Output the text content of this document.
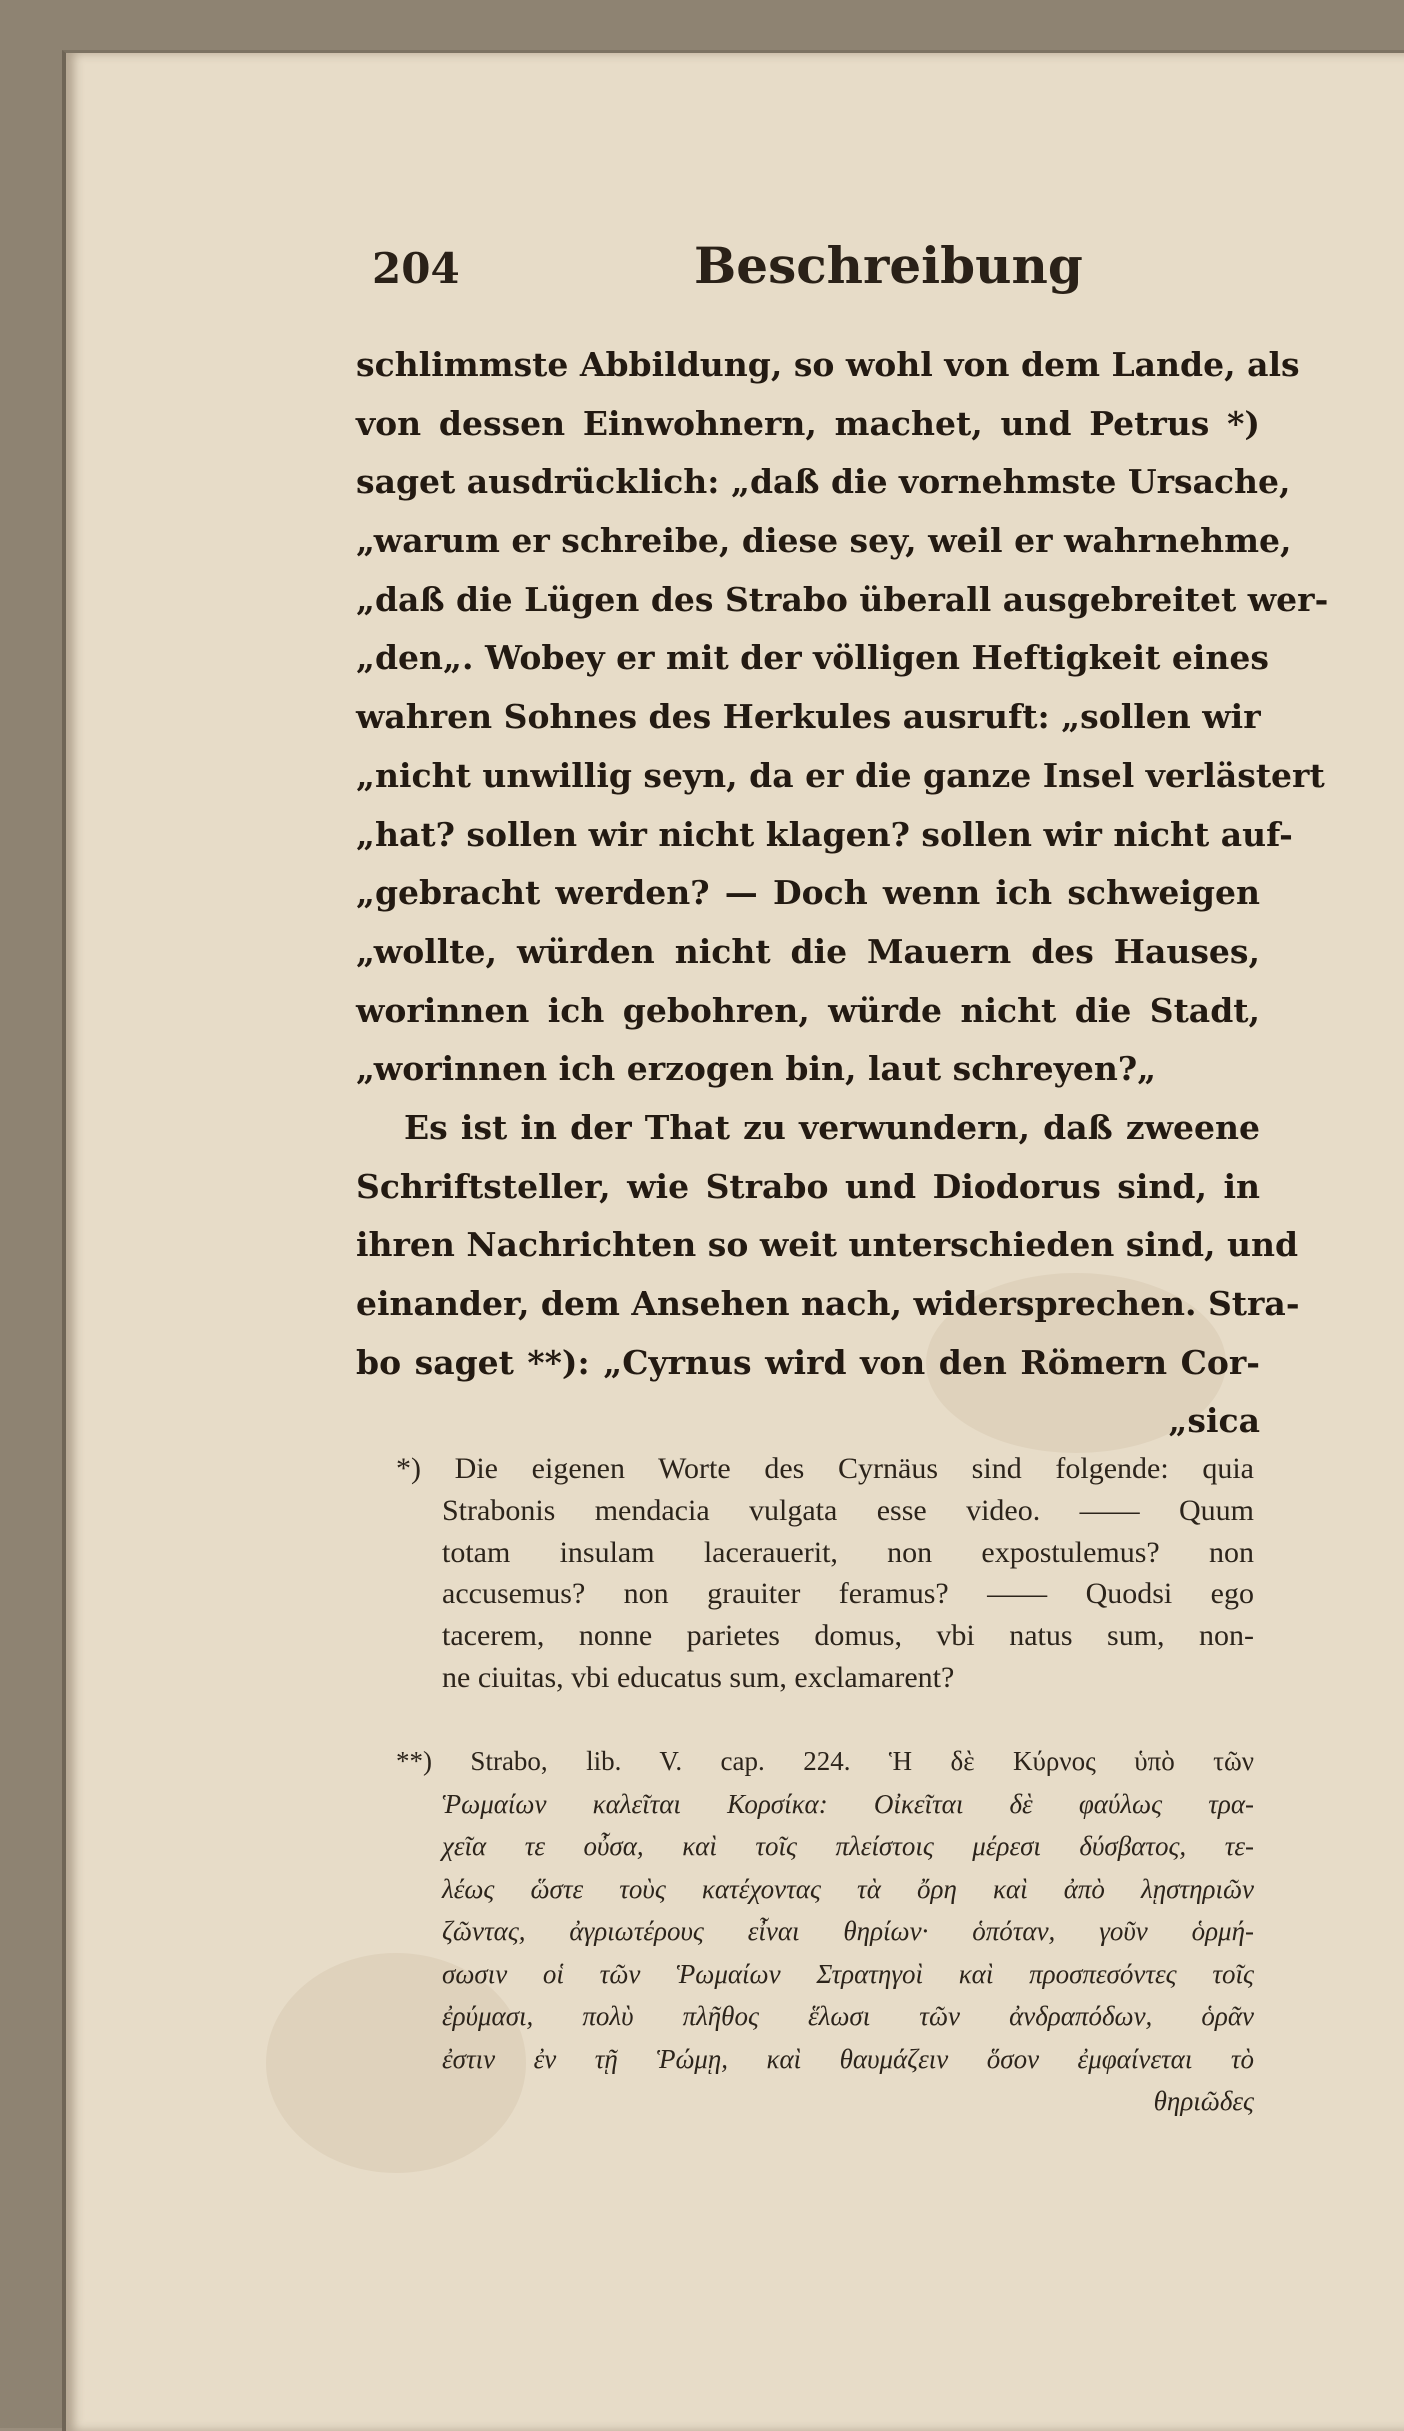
204	Beschreibung
schlimmste Abbildung, so wohl von dem Lande, als
von dessen Einwohnern, machet, und Petrus *)
saget ausdrücklich: „daß die vornehmste Ursache,
„warum er schreibe, diese sey, weil er wahrnehme,
„daß die Lügen des Strabo überall ausgebreitet wer-
„den„. Wobey er mit der völligen Heftigkeit eines
wahren Sohnes des Herkules ausruft: „sollen wir
„nicht unwillig seyn, da er die ganze Insel verlästert
„hat? sollen wir nicht klagen? sollen wir nicht auf-
„gebracht werden? — Doch wenn ich schweigen
„wollte, würden nicht die Mauern des Hauses,
worinnen ich gebohren, würde nicht die Stadt,
„worinnen ich erzogen bin, laut schreyen?„
Es ist in der That zu verwundern, daß zweene
Schriftsteller, wie Strabo und Diodorus sind, in
ihren Nachrichten so weit unterschieden sind, und
einander, dem Ansehen nach, widersprechen. Stra-
bo saget **): „Cyrnus wird von den Römern Cor-
„sica
*) Die eigenen Worte des Cyrnäus sind folgende: quia
Strabonis mendacia vulgata esse video. —— Quum
totam insulam lacerauerit, non expostulemus? non
accusemus? non grauiter feramus? —— Quodsi ego
tacerem, nonne parietes domus, vbi natus sum, non-
ne ciuitas, vbi educatus sum, exclamarent?
**) Strabo, lib. V. cap. 224. Ἡ δὲ Κύρνος ὑπὸ τῶν
Ῥωμαίων καλεῖται Κορσίκα: Οἰκεῖται δὲ φαύλως τρα-
χεῖα τε οὖσα, καὶ τοῖς πλείστοις μέρεσι δύσβατος, τε-
λέως ὥστε τοὺς κατέχοντας τὰ ὄρη καὶ ἀπὸ λῃστηριῶν
ζῶντας, ἀγριωτέρους εἶναι θηρίων· ὁπόταν, γοῦν ὁρμή-
σωσιν οἱ τῶν Ῥωμαίων Στρατηγοὶ καὶ προσπεσόντες τοῖς
ἐρύμασι, πολὺ πλῆθος ἕλωσι τῶν ἀνδραπόδων, ὁρᾶν
ἐστιν ἐν τῇ Ῥώμῃ, καὶ θαυμάζειν ὅσον ἐμφαίνεται τὸ
θηριῶδες
